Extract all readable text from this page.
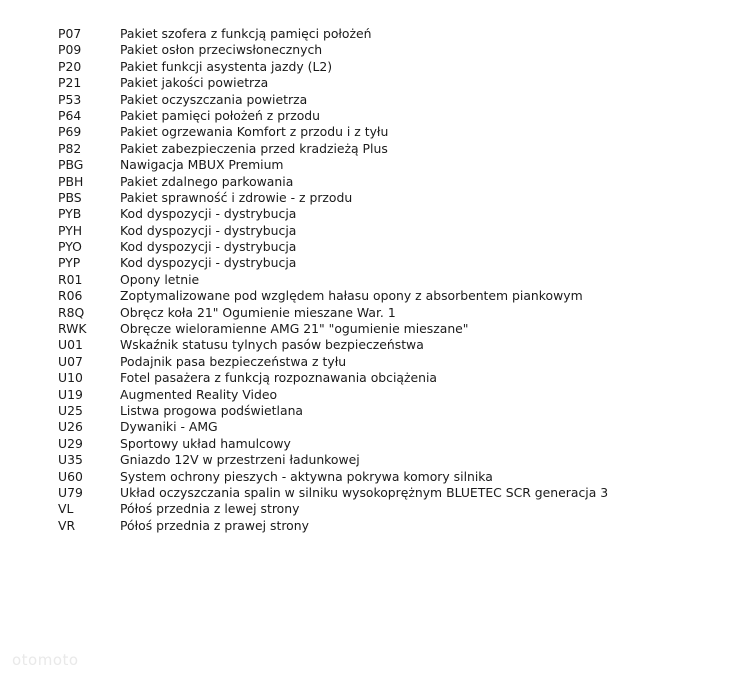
P07	Pakiet szofera z funkcją pamięci położeń
P09	Pakiet osłon przeciwsłonecznych
P20	Pakiet funkcji asystenta jazdy (L2)
P21	Pakiet jakości powietrza
P53	Pakiet oczyszczania powietrza
P64	Pakiet pamięci położeń z przodu
P69	Pakiet ogrzewania Komfort z przodu i z tyłu
P82	Pakiet zabezpieczenia przed kradzieżą Plus
PBG	Nawigacja MBUX Premium
PBH	Pakiet zdalnego parkowania
PBS	Pakiet sprawność i zdrowie - z przodu
PYB	Kod dyspozycji - dystrybucja
PYH	Kod dyspozycji - dystrybucja
PYO	Kod dyspozycji - dystrybucja
PYP	Kod dyspozycji - dystrybucja
R01	Opony letnie
R06	Zoptymalizowane pod względem hałasu opony z absorbentem piankowym
R8Q	Obręcz koła 21" Ogumienie mieszane War. 1
RWK	Obręcze wieloramienne AMG 21" "ogumienie mieszane"
U01	Wskaźnik statusu tylnych pasów bezpieczeństwa
U07	Podajnik pasa bezpieczeństwa z tyłu
U10	Fotel pasażera z funkcją rozpoznawania obciążenia
U19	Augmented Reality Video
U25	Listwa progowa podświetlana
U26	Dywaniki - AMG
U29	Sportowy układ hamulcowy
U35	Gniazdo 12V w przestrzeni ładunkowej
U60	System ochrony pieszych - aktywna pokrywa komory silnika
U79	Układ oczyszczania spalin w silniku wysokoprężnym BLUETEC SCR generacja 3
VL	Półoś przednia z lewej strony
VR	Półoś przednia z prawej strony
otomoto
